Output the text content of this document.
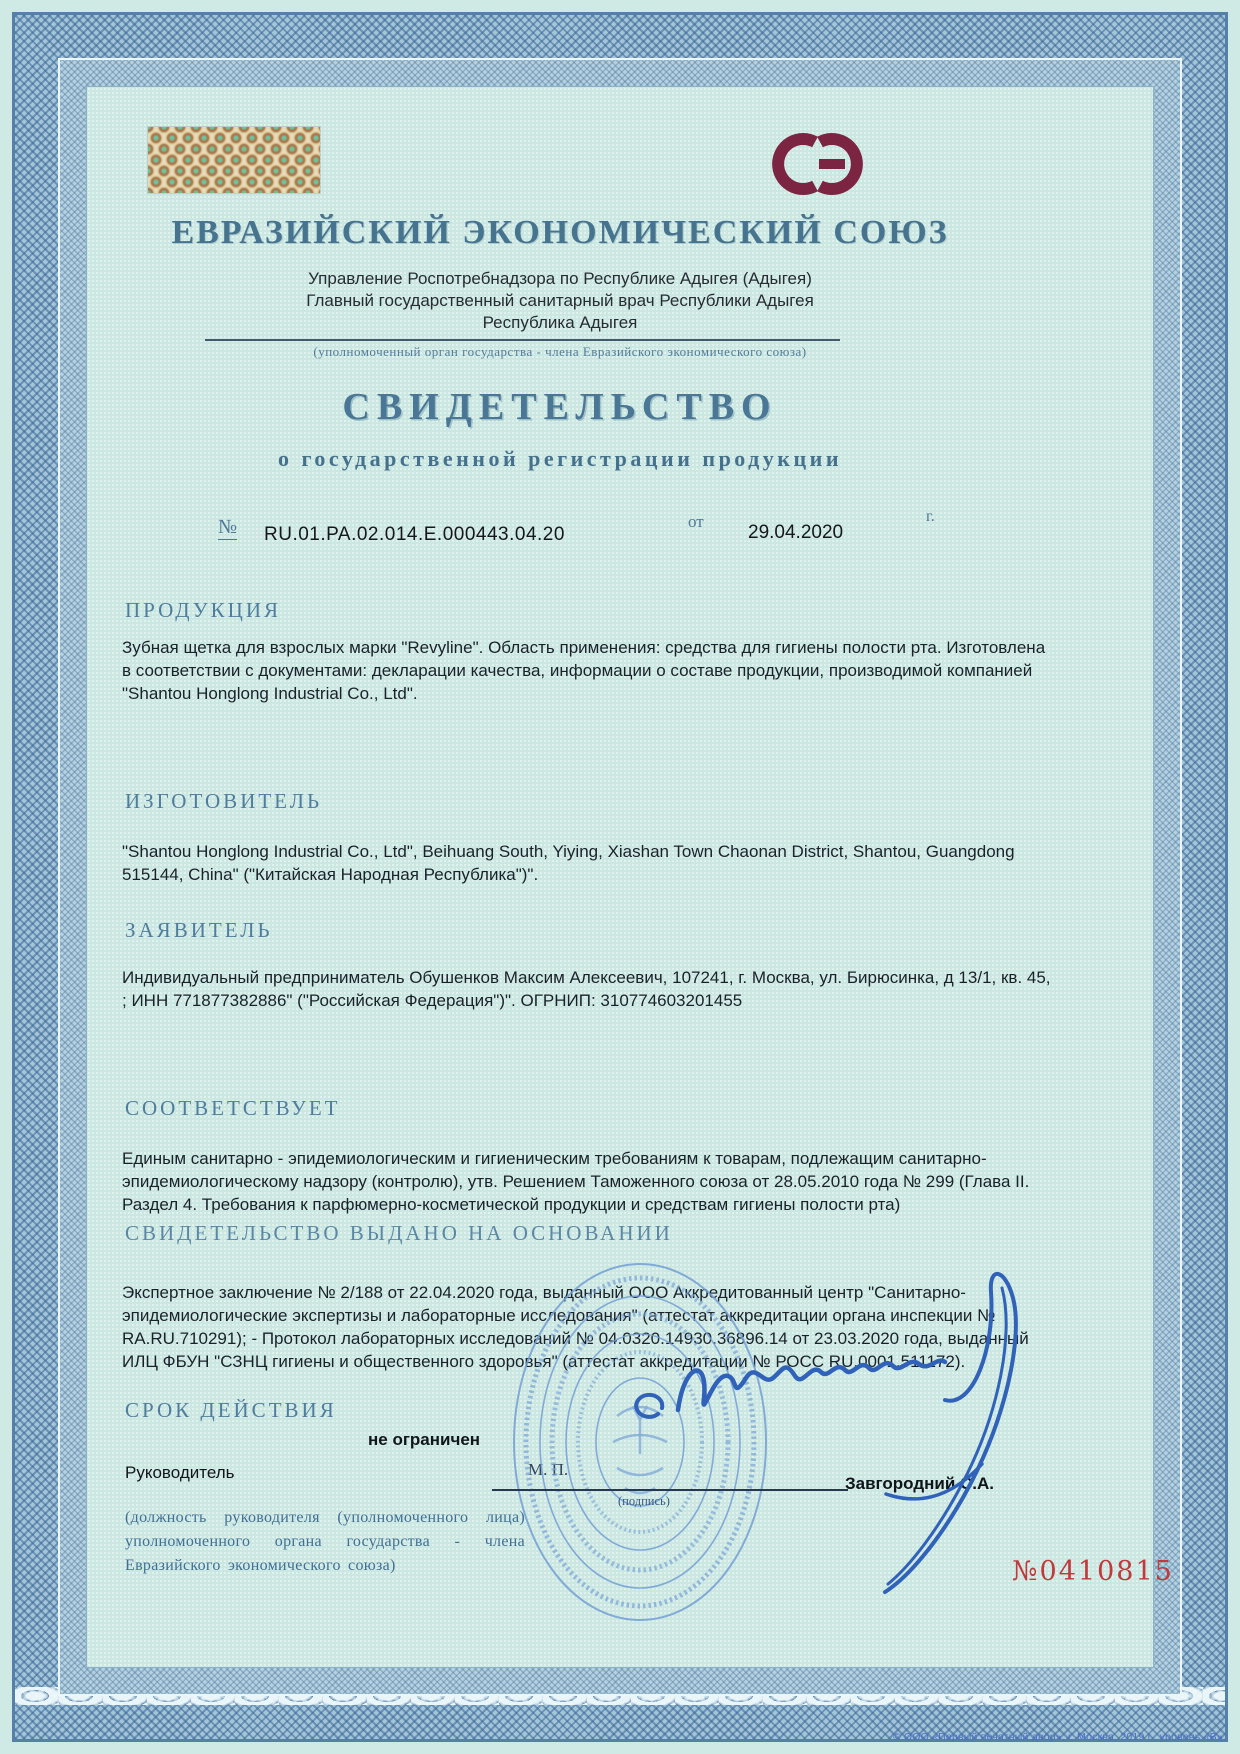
ЕВРАЗИЙСКИЙ ЭКОНОМИЧЕСКИЙ СОЮЗ
Управление Роспотребнадзора по Республике Адыгея (Адыгея)
Главный государственный санитарный врач Республики Адыгея
Республика Адыгея
(уполномоченный орган государства - члена Евразийского экономического союза)
СВИДЕТЕЛЬСТВО
о государственной регистрации продукции
№ RU.01.PA.02.014.E.000443.04.20
от
29.04.2020
г.
ПРОДУКЦИЯ
Зубная щетка для взрослых марки "Revyline". Область применения: средства для гигиены полости рта. Изготовлена в соответствии с документами: декларации качества, информации о составе продукции, производимой компанией "Shantou Honglong Industrial Co., Ltd".
ИЗГОТОВИТЕЛЬ
"Shantou Honglong Industrial Co., Ltd", Beihuang South, Yiying, Xiashan Town Chaonan District, Shantou, Guangdong 515144, China" ("Китайская Народная Республика")".
ЗАЯВИТЕЛЬ
Индивидуальный предприниматель Обушенков Максим Алексеевич, 107241, г. Москва, ул. Бирюсинка, д 13/1, кв. 45, ; ИНН 771877382886" ("Российская Федерация")". ОГРНИП: 310774603201455
СООТВЕТСТВУЕТ
Единым санитарно - эпидемиологическим и гигиеническим требованиям к товарам, подлежащим санитарно-эпидемиологическому надзору (контролю), утв. Решением Таможенного союза от 28.05.2010 года № 299 (Глава II. Раздел 4. Требования к парфюмерно-косметической продукции и средствам гигиены полости рта)
СВИДЕТЕЛЬСТВО ВЫДАНО НА ОСНОВАНИИ
Экспертное заключение № 2/188 от 22.04.2020 года, выданный ООО Аккредитованный центр "Санитарно-эпидемиологические экспертизы и лабораторные исследования" (аттестат аккредитации органа инспекции № RA.RU.710291); - Протокол лабораторных исследований № 04.0320.14930.36896.14 от 23.03.2020 года, выданный ИЛЦ ФБУН "СЗНЦ гигиены и общественного здоровья" (аттестат аккредитации № РОСС RU.0001.511172).
СРОК ДЕЙСТВИЯ
не ограничен
Руководитель	М. П.
(подпись)
Завгородний С.А.
(должность руководителя (уполномоченного лица) уполномоченного органа государства - члена Евразийского экономического союза)	№0410815
© ООО «Первый печатный двор», г. Москва, 2019 г., уровень «В».
